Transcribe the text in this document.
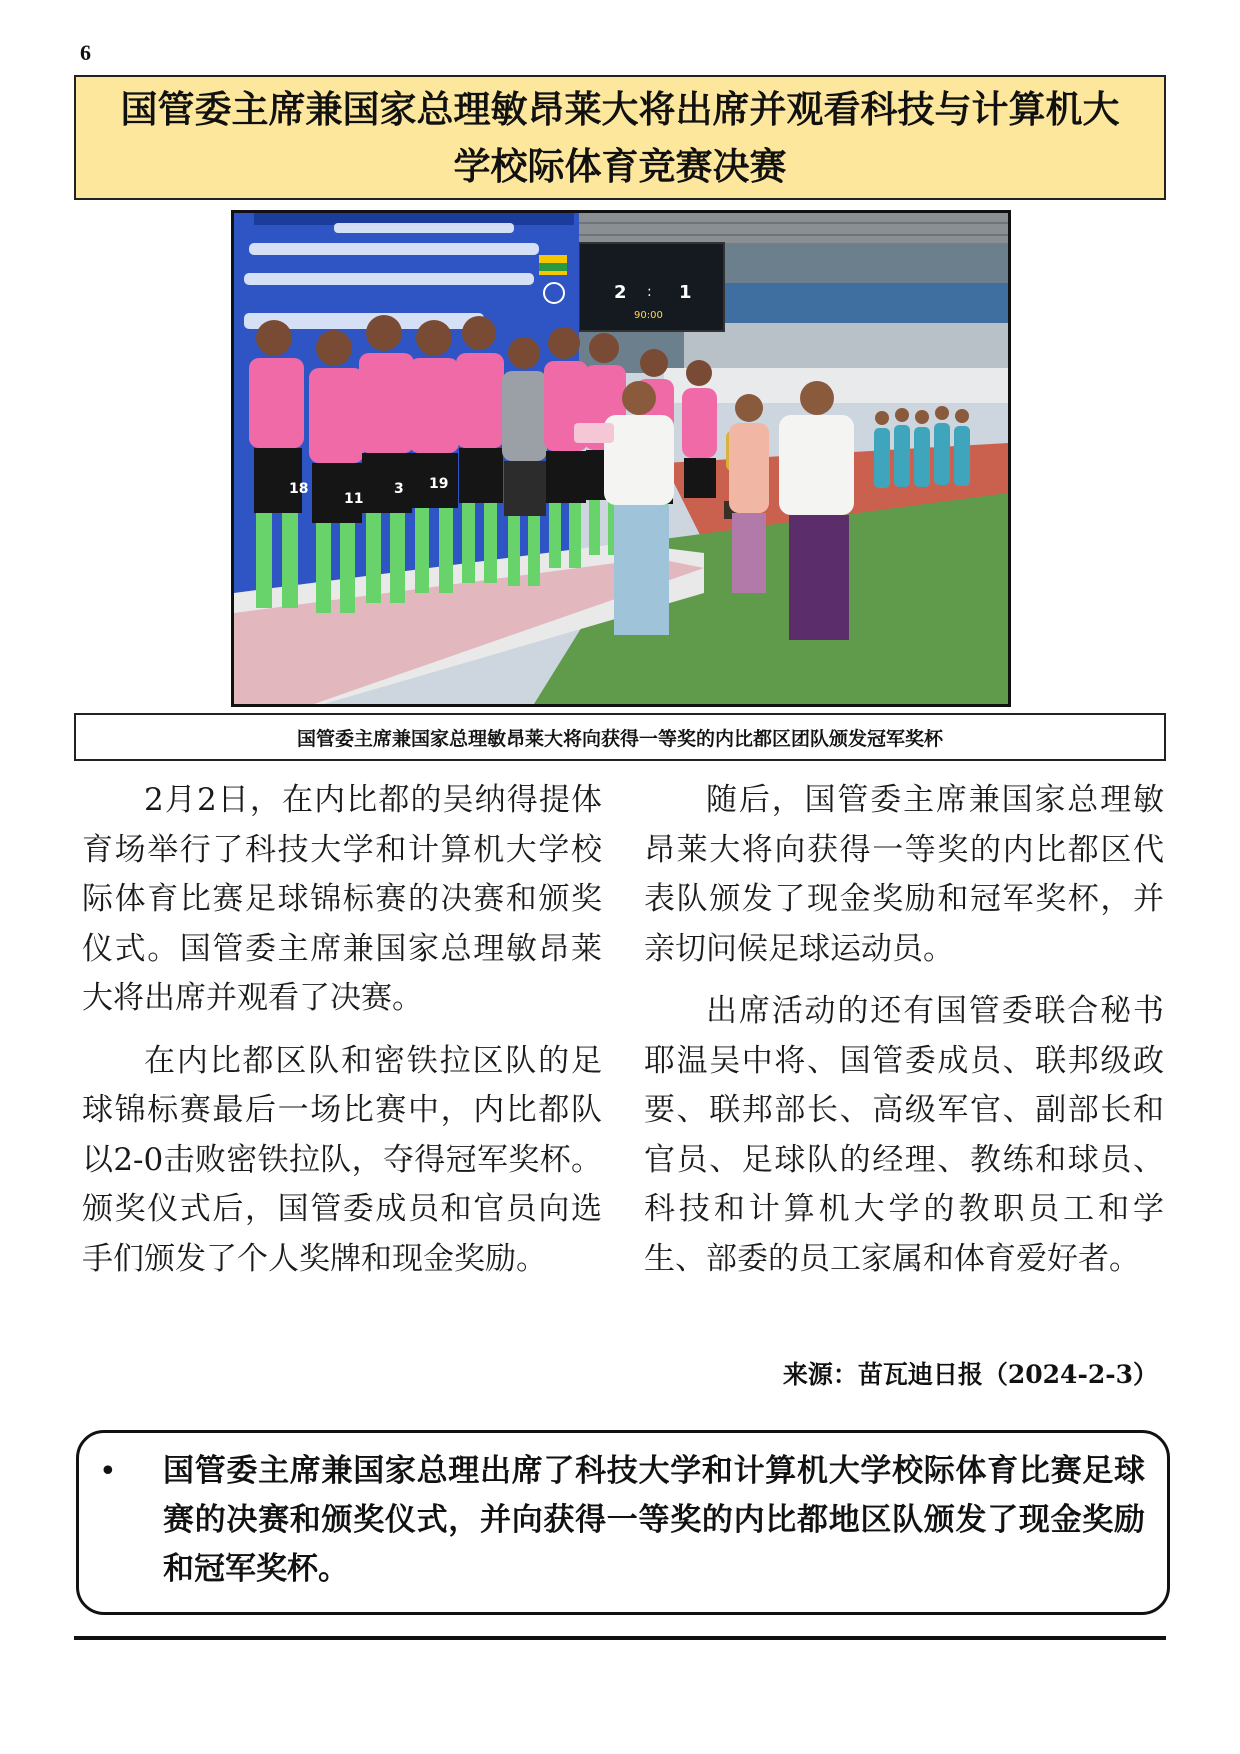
6
国管委主席兼国家总理敏昂莱大将出席并观看科技与计算机大学校际体育竞赛决赛
2 : 1
90:00
18
11
3 19
国管委主席兼国家总理敏昂莱大将向获得一等奖的内比都区团队颁发冠军奖杯

2月2日，在内比都的吴纳得提体育场举行了科技大学和计算机大学校际体育比赛足球锦标赛的决赛和颁奖仪式。国管委主席兼国家总理敏昂莱大将出席并观看了决赛。

在内比都区队和密铁拉区队的足球锦标赛最后一场比赛中，内比都队以2-0击败密铁拉队，夺得冠军奖杯。颁奖仪式后，国管委成员和官员向选手们颁发了个人奖牌和现金奖励。

随后，国管委主席兼国家总理敏昂莱大将向获得一等奖的内比都区代表队颁发了现金奖励和冠军奖杯，并亲切问候足球运动员。

出席活动的还有国管委联合秘书耶温吴中将、国管委成员、联邦级政要、联邦部长、高级军官、副部长和官员、足球队的经理、教练和球员、科技和计算机大学的教职员工和学生、部委的员工家属和体育爱好者。

来源：苗瓦迪日报（2024-2-3）
• 国管委主席兼国家总理出席了科技大学和计算机大学校际体育比赛足球赛的决赛和颁奖仪式，并向获得一等奖的内比都地区队颁发了现金奖励和冠军奖杯。
